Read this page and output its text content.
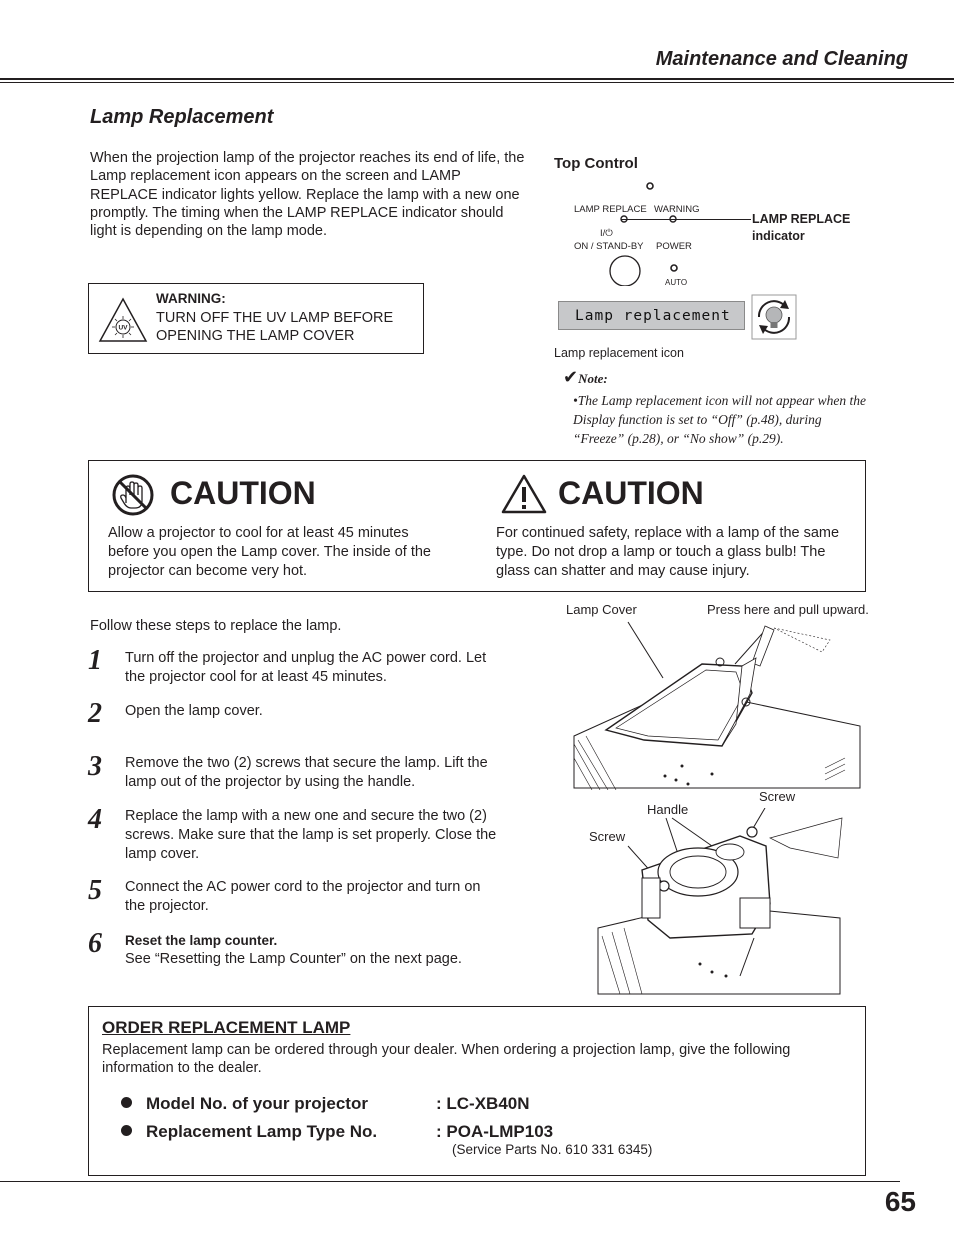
Maintenance and Cleaning
Lamp Replacement
When the projection lamp of the projector reaches its end of life, the Lamp replacement icon appears on the screen and LAMP REPLACE indicator lights yellow. Replace the lamp with a new one promptly. The timing when the LAMP REPLACE indicator should light is depending on the lamp mode.
UV
WARNING:
TURN OFF THE UV LAMP BEFORE
OPENING THE LAMP COVER
Top Control
LAMP REPLACE WARNING
I/⏻
ON / STAND-BY POWER
AUTO
LAMP REPLACE
indicator
Lamp replacement
Lamp replacement icon
✔Note:
•The Lamp replacement icon will not appear when the Display function is set to “Off” (p.48), during “Freeze” (p.28), or “No show” (p.29).
CAUTION
Allow a projector to cool for at least 45 minutes before you open the Lamp cover. The inside of the projector can become very hot.
CAUTION
For continued safety, replace with a lamp of the same type. Do not drop a lamp or touch a glass bulb! The glass can shatter and may cause injury.
Follow these steps to replace the lamp.
1 Turn off the projector and unplug the AC power cord. Let the projector cool for at least 45 minutes.
2 Open the lamp cover.
3 Remove the two (2) screws that secure the lamp. Lift the lamp out of the projector by using the handle.
4 Replace the lamp with a new one and secure the two (2) screws. Make sure that the lamp is set properly. Close the lamp cover.
5 Connect the AC power cord to the projector and turn on the projector.
6 Reset the lamp counter.
See “Resetting the Lamp Counter” on the next page.
Lamp Cover	Press here and pull upward.
Handle
Screw
Screw
ORDER REPLACEMENT LAMP
Replacement lamp can be ordered through your dealer. When ordering a projection lamp, give the following information to the dealer.
Model No. of your projector	: LC-XB40N
Replacement Lamp Type No.	: POA-LMP103
(Service Parts No. 610 331 6345)
65
